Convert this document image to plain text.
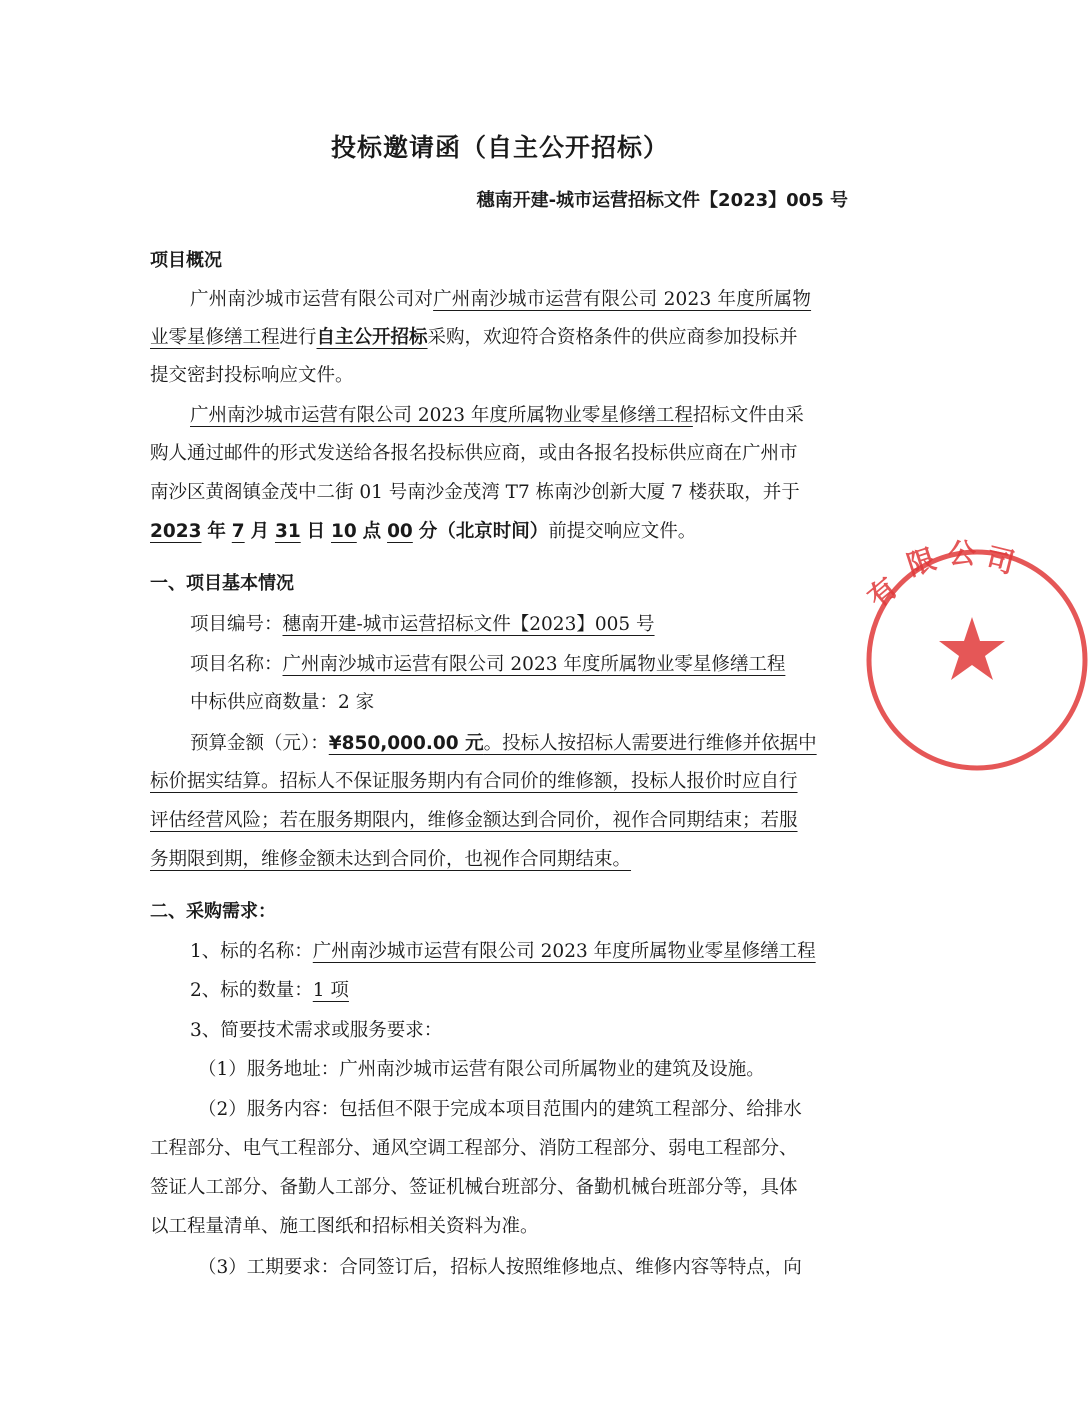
投标邀请函（自主公开招标）
穗南开建-城市运营招标文件【2023】005 号
项目概况
广州南沙城市运营有限公司对广州南沙城市运营有限公司 2023 年度所属物
业零星修缮工程进行自主公开招标采购，欢迎符合资格条件的供应商参加投标并
提交密封投标响应文件。
广州南沙城市运营有限公司 2023 年度所属物业零星修缮工程招标文件由采
购人通过邮件的形式发送给各报名投标供应商，或由各报名投标供应商在广州市
南沙区黄阁镇金茂中二街 01 号南沙金茂湾 T7 栋南沙创新大厦 7 楼获取，并于
2023 年 7 月 31 日 10 点 00 分（北京时间）前提交响应文件。
一、项目基本情况
项目编号：穗南开建-城市运营招标文件【2023】005 号
项目名称：广州南沙城市运营有限公司 2023 年度所属物业零星修缮工程
中标供应商数量：2 家
预算金额（元）：¥850,000.00 元。投标人按招标人需要进行维修并依据中
标价据实结算。招标人不保证服务期内有合同价的维修额，投标人报价时应自行
评估经营风险；若在服务期限内，维修金额达到合同价，视作合同期结束；若服
务期限到期，维修金额未达到合同价，也视作合同期结束。
二、采购需求：
1、标的名称：广州南沙城市运营有限公司 2023 年度所属物业零星修缮工程
2、标的数量：1 项
3、简要技术需求或服务要求：
（1）服务地址：广州南沙城市运营有限公司所属物业的建筑及设施。
（2）服务内容：包括但不限于完成本项目范围内的建筑工程部分、给排水
工程部分、电气工程部分、通风空调工程部分、消防工程部分、弱电工程部分、
签证人工部分、备勤人工部分、签证机械台班部分、备勤机械台班部分等，具体
以工程量清单、施工图纸和招标相关资料为准。
（3）工期要求：合同签订后，招标人按照维修地点、维修内容等特点，向
有
限 公 司
